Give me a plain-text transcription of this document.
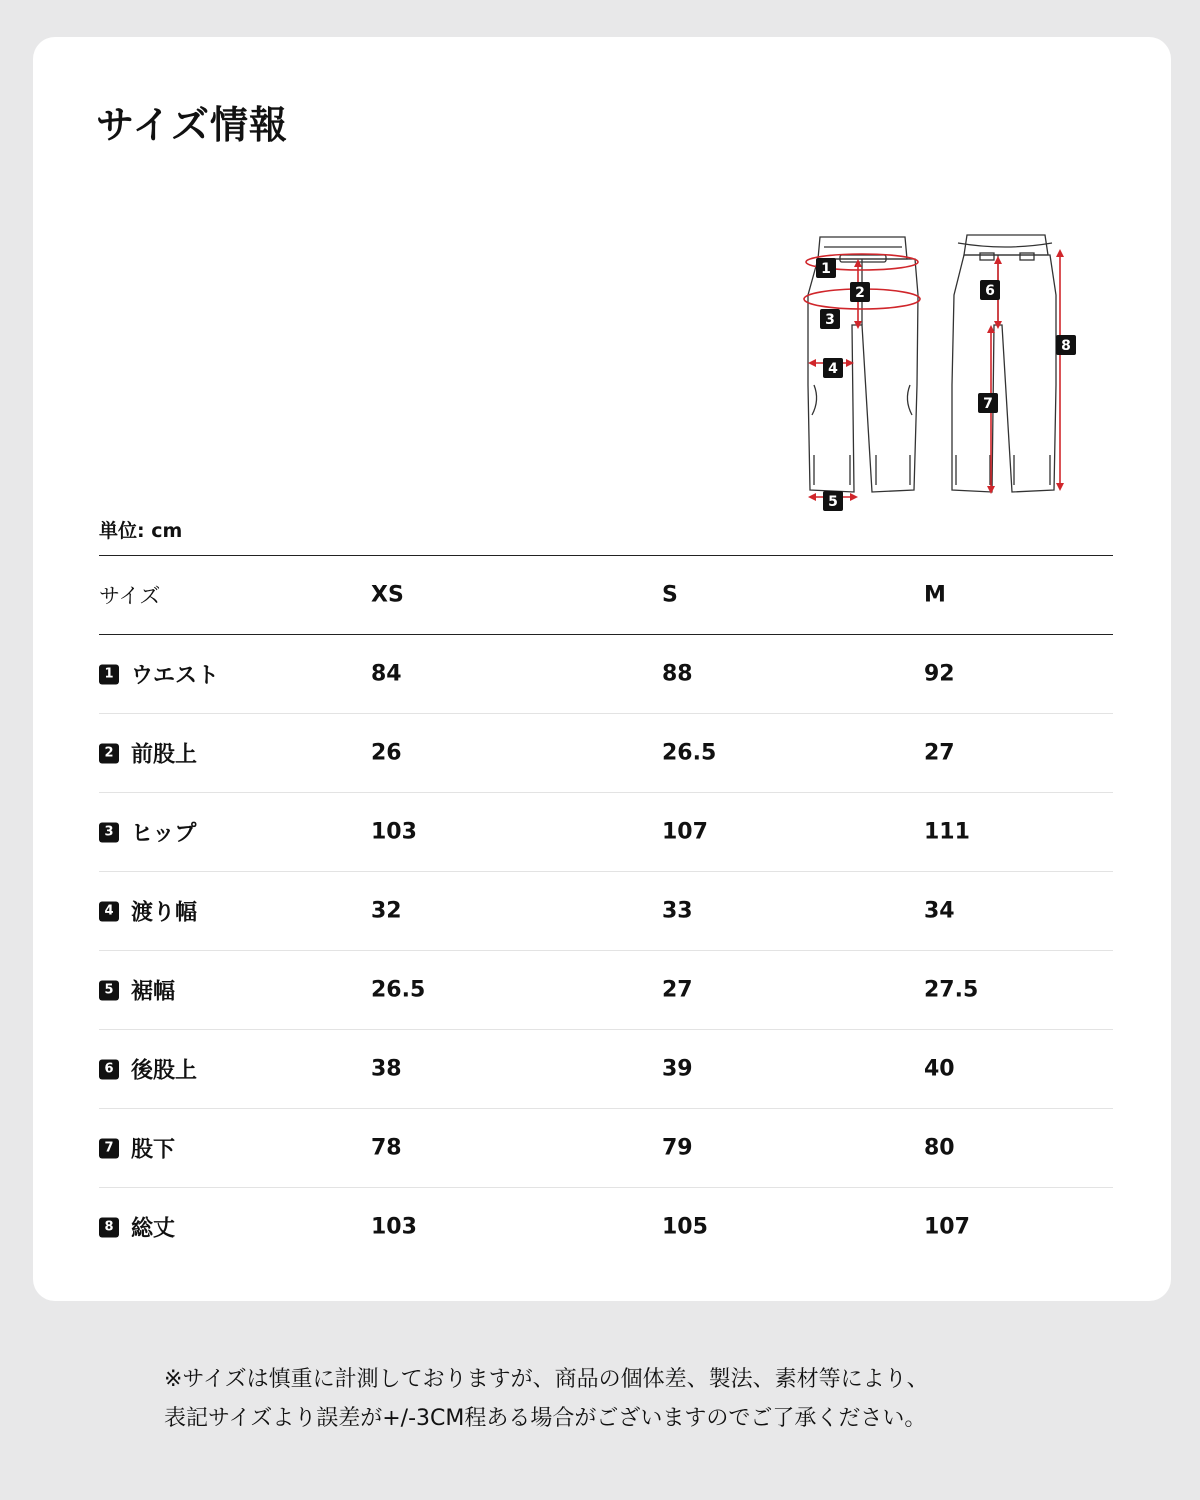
サイズ情報
1
2
3
4
5
6
7
8
単位: cm
サイズ	XS	S	M
1 ウエスト	84	88	92
2 前股上	26	26.5	27
3 ヒップ	103	107	111
4 渡り幅	32	33	34
5 裾幅	26.5	27	27.5
6 後股上	38	39	40
7 股下	78	79	80
8 総丈	103	105	107
※サイズは慎重に計測しておりますが、商品の個体差、製法、素材等により、
表記サイズより誤差が+/-3CM程ある場合がございますのでご了承ください。
